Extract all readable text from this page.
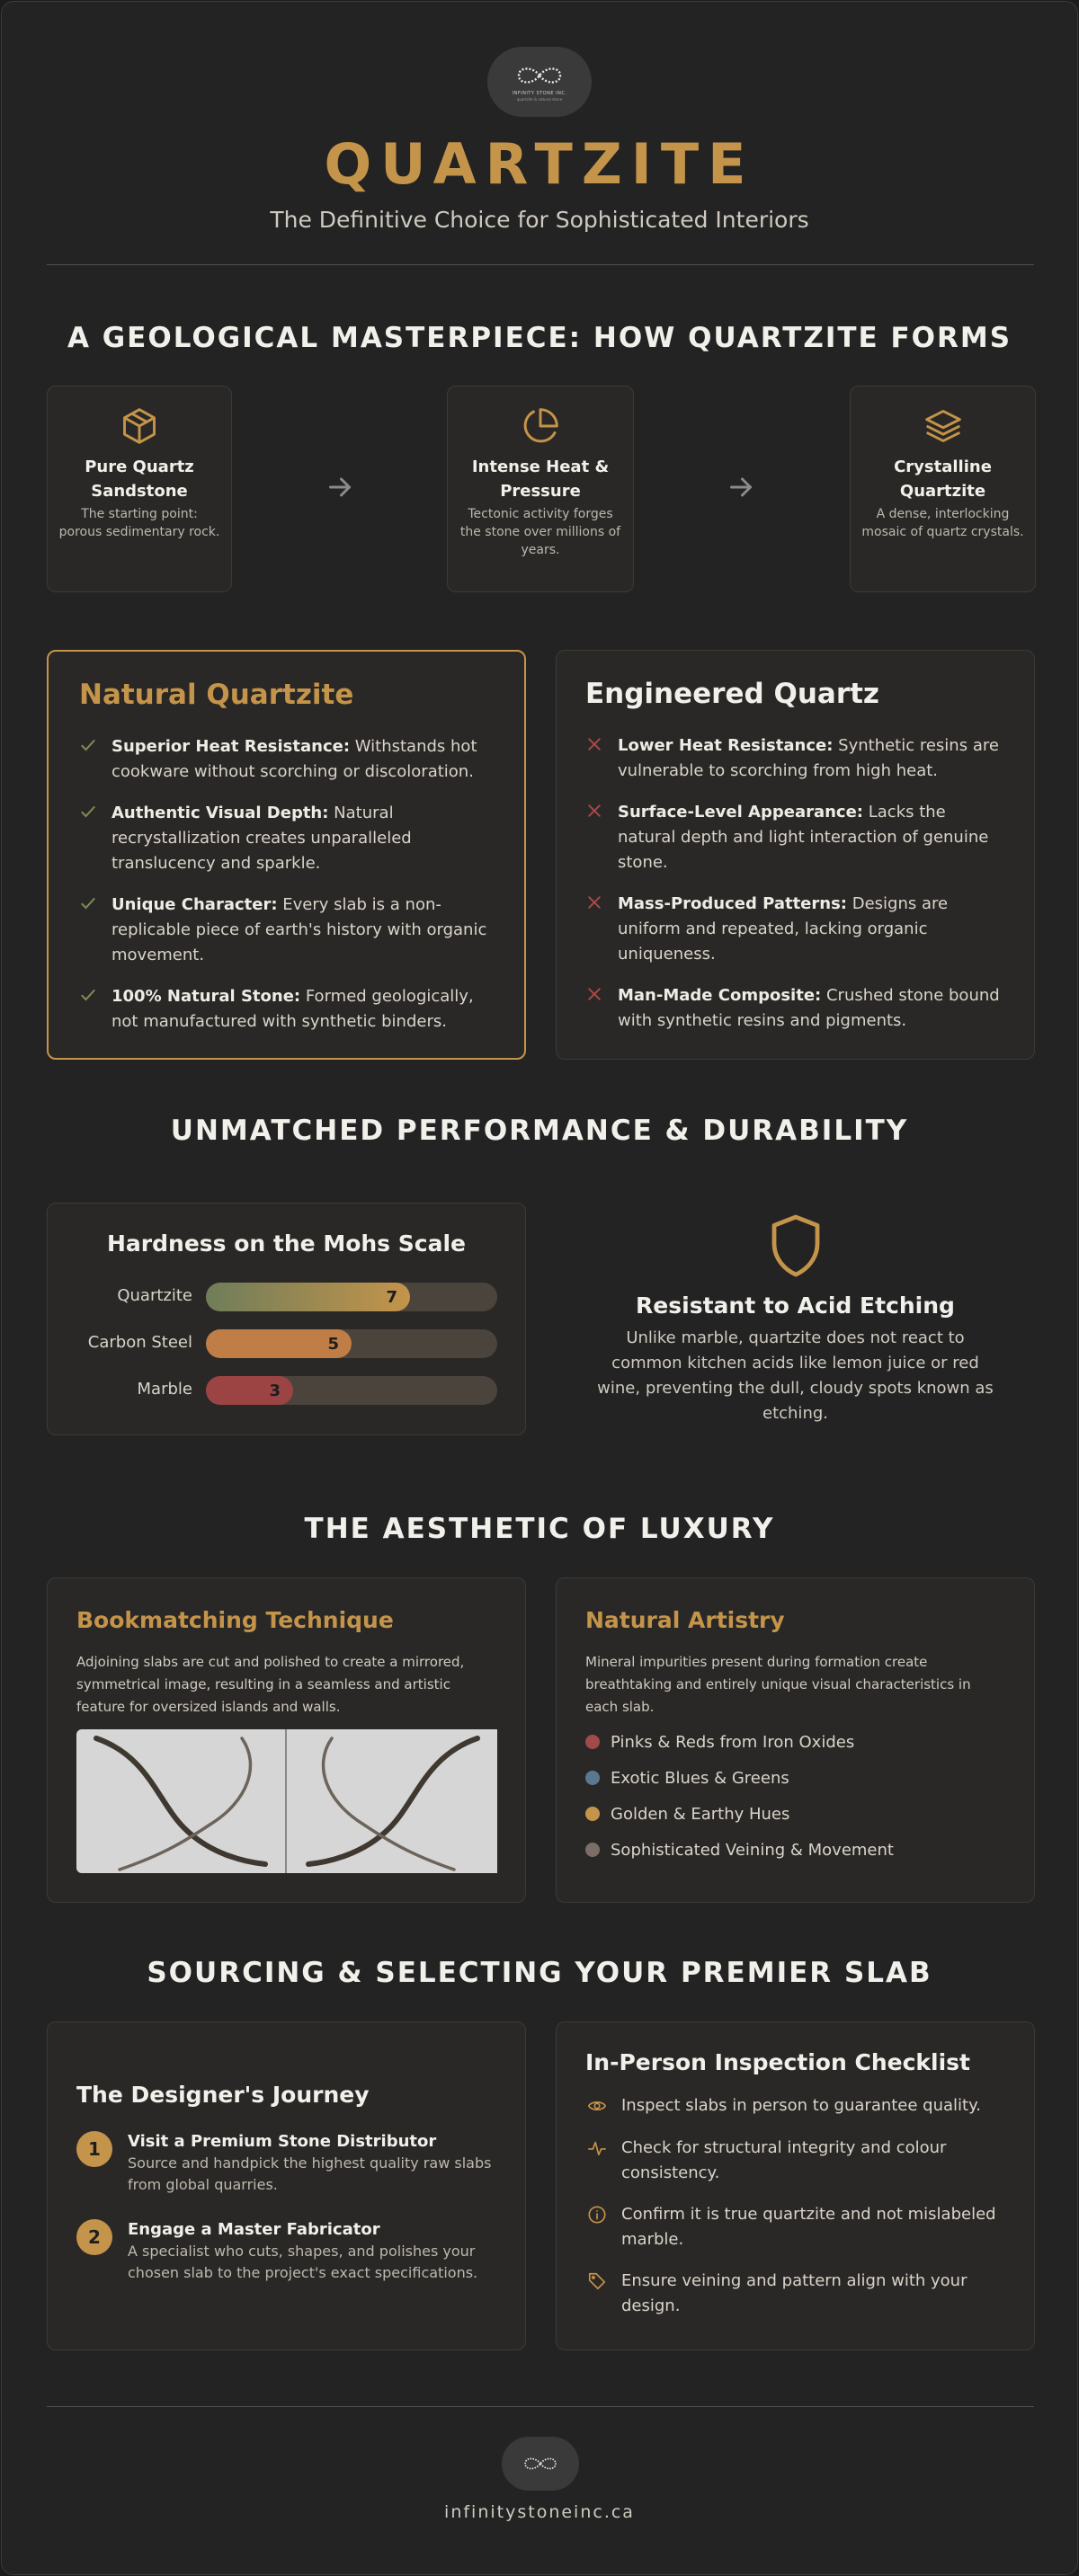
INFINITY STONE INC.
quartzite & natural stone
QUARTZITE
The Definitive Choice for Sophisticated Interiors
A GEOLOGICAL MASTERPIECE: HOW QUARTZITE FORMS
Pure Quartz Sandstone
The starting point: porous sedimentary rock.
Intense Heat & Pressure
Tectonic activity forges the stone over millions of years.
Crystalline Quartzite
A dense, interlocking mosaic of quartz crystals.
Natural Quartzite
Superior Heat Resistance: Withstands hot cookware without scorching or discoloration.
Authentic Visual Depth: Natural recrystallization creates unparalleled translucency and sparkle.
Unique Character: Every slab is a non-replicable piece of earth's history with organic movement.
100% Natural Stone: Formed geologically, not manufactured with synthetic binders.
Engineered Quartz
Lower Heat Resistance: Synthetic resins are vulnerable to scorching from high heat.
Surface-Level Appearance: Lacks the natural depth and light interaction of genuine stone.
Mass-Produced Patterns: Designs are uniform and repeated, lacking organic uniqueness.
Man-Made Composite: Crushed stone bound with synthetic resins and pigments.
UNMATCHED PERFORMANCE & DURABILITY
Hardness on the Mohs Scale
Quartzite	7
Carbon Steel	5
Marble	3
Resistant to Acid Etching
Unlike marble, quartzite does not react to common kitchen acids like lemon juice or red wine, preventing the dull, cloudy spots known as etching.
THE AESTHETIC OF LUXURY
Bookmatching Technique

Adjoining slabs are cut and polished to create a mirrored, symmetrical image, resulting in a seamless and artistic feature for oversized islands and walls.

Natural Artistry

Mineral impurities present during formation create breathtaking and entirely unique visual characteristics in each slab.

Pinks & Reds from Iron Oxides
Exotic Blues & Greens
Golden & Earthy Hues
Sophisticated Veining & Movement
SOURCING & SELECTING YOUR PREMIER SLAB
The Designer's Journey
1	Visit a Premium Stone Distributor
Source and handpick the highest quality raw slabs from global quarries.
2	Engage a Master Fabricator
A specialist who cuts, shapes, and polishes your chosen slab to the project's exact specifications.
In-Person Inspection Checklist
Inspect slabs in person to guarantee quality.
Check for structural integrity and colour consistency.
Confirm it is true quartzite and not mislabeled marble.
Ensure veining and pattern align with your design.
infinitystoneinc.ca
